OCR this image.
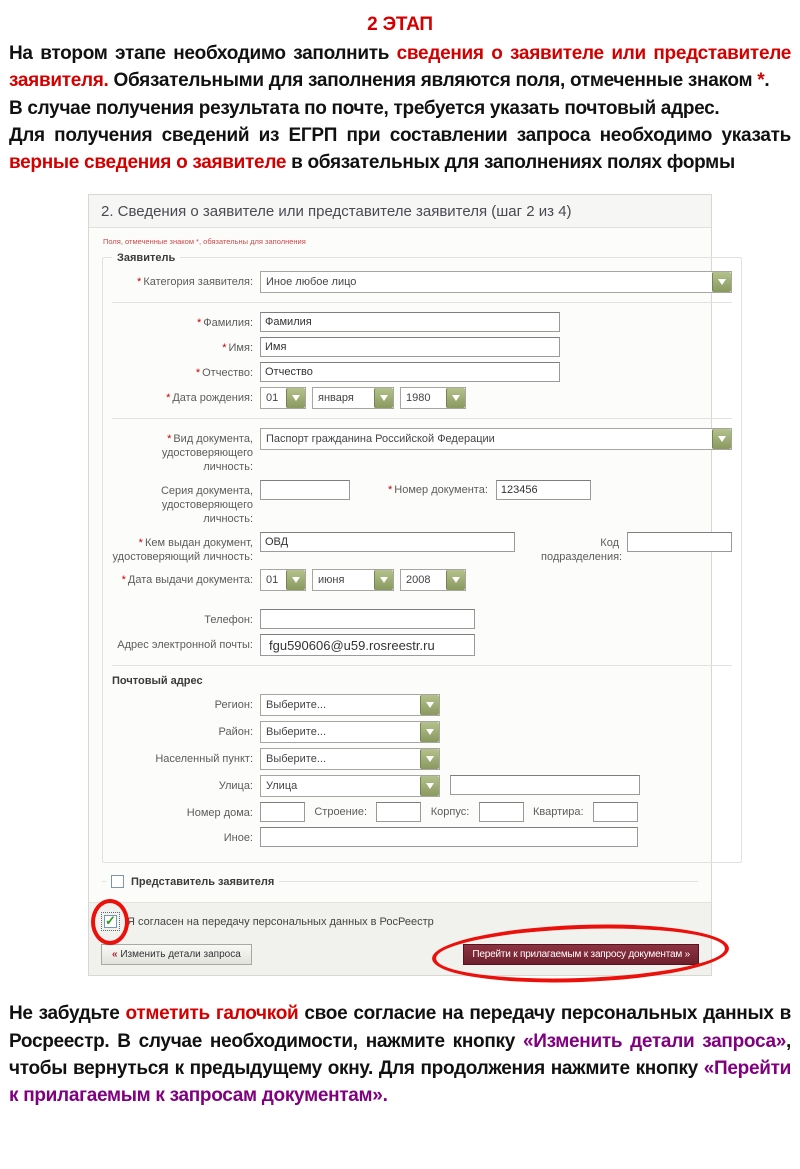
2 ЭТАП

На втором этапе необходимо заполнить сведения о заявителе или представителе заявителя. Обязательными для заполнения являются поля, отмеченные знаком *.

В случае получения результата по почте, требуется указать почтовый адрес.

Для получения сведений из ЕГРП при составлении запроса необходимо указать верные сведения о заявителе в обязательных для заполнениях полях формы

2. Сведения о заявителе или представителе заявителя (шаг 2 из 4)
Поля, отмеченные знаком *, обязательны для заполнения
Заявитель
* Категория заявителя:	Иное любое лицо
* Фамилия:
Фамилия
* Имя:
Имя
* Отчество:
Отчество
* Дата рождения:	01	января	1980
* Вид документа, удостоверяющего личность:
Паспорт гражданина Российской Федерации
Серия документа, удостоверяющего личность:
* Номер документа:
123456
* Кем выдан документ, удостоверяющий личность:
ОВД
Код подразделения:
* Дата выдачи документа:	01	июня	2008
Телефон:
Адрес электронной почты:
fgu590606@u59.rosreestr.ru
Почтовый адрес
Регион:	Выберите...
Район:	Выберите...
Населенный пункт:	Выберите...
Улица:	Улица
Номер дома:	Строение:	Корпус:	Квартира:
Иное:
Представитель заявителя
✓
Я согласен на передачу персональных данных в РосРеестр
« Изменить детали запроса	Перейти к прилагаемым к запросу документам »

Не забудьте отметить галочкой свое согласие на передачу персональных данных в Росреестр. В случае необходимости, нажмите кнопку «Изменить детали запроса», чтобы вернуться к предыдущему окну. Для продолжения нажмите кнопку «Перейти к прилагаемым к запросам документам».
